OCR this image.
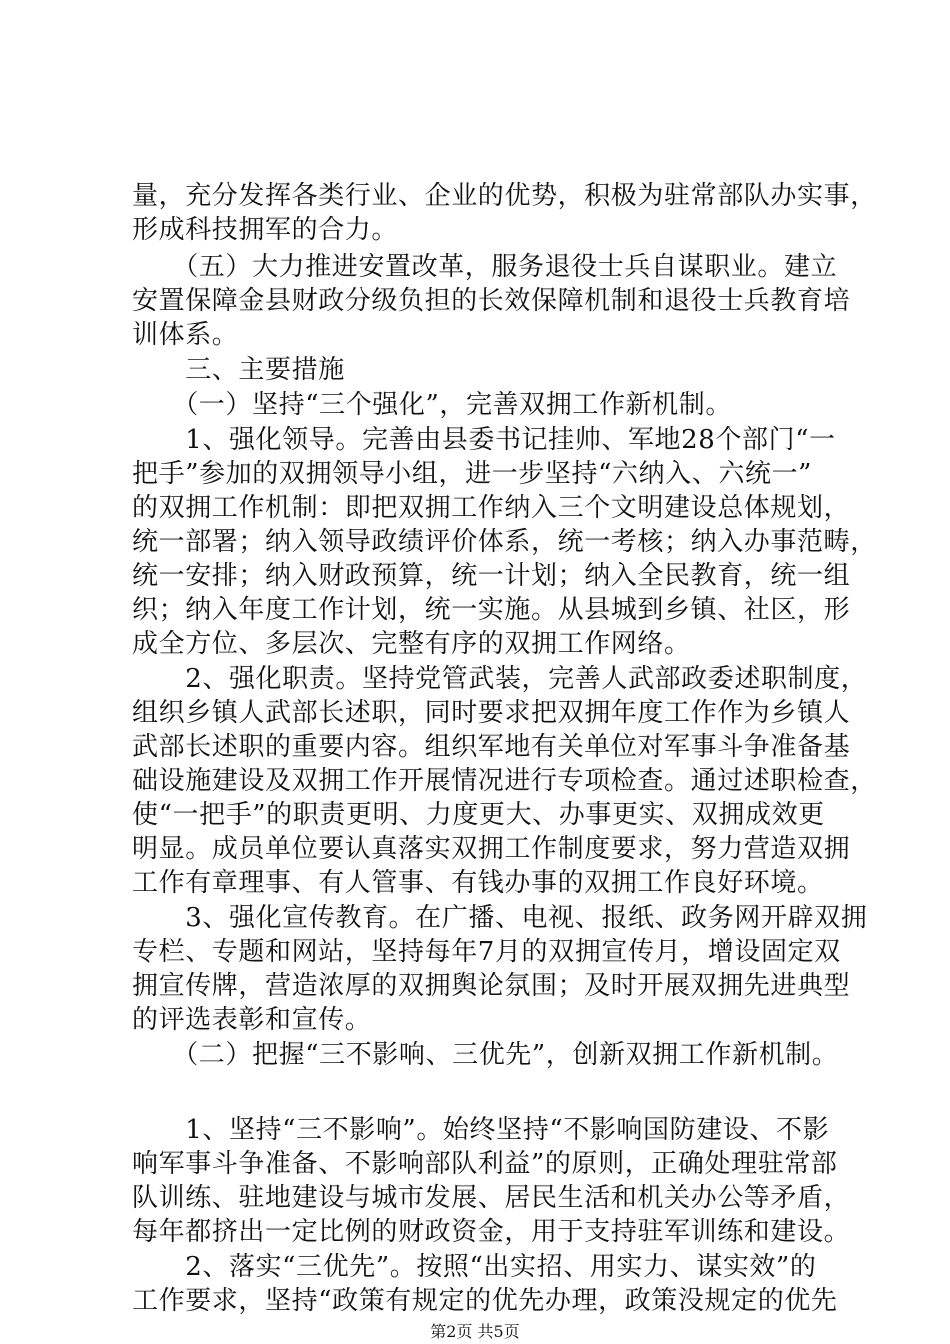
量，充分发挥各类行业、企业的优势，积极为驻常部队办实事，
形成科技拥军的合力。
　　（五）大力推进安置改革，服务退役士兵自谋职业。建立
安置保障金县财政分级负担的长效保障机制和退役士兵教育培
训体系。
　　三、主要措施
　　（一）坚持“三个强化”，完善双拥工作新机制。
　　1、强化领导。完善由县委书记挂帅、军地28个部门“一
把手”参加的双拥领导小组，进一步坚持“六纳入、六统一”
的双拥工作机制：即把双拥工作纳入三个文明建设总体规划，
统一部署；纳入领导政绩评价体系，统一考核；纳入办事范畴，
统一安排；纳入财政预算，统一计划；纳入全民教育，统一组
织；纳入年度工作计划，统一实施。从县城到乡镇、社区，形
成全方位、多层次、完整有序的双拥工作网络。
　　2、强化职责。坚持党管武装，完善人武部政委述职制度，
组织乡镇人武部长述职，同时要求把双拥年度工作作为乡镇人
武部长述职的重要内容。组织军地有关单位对军事斗争准备基
础设施建设及双拥工作开展情况进行专项检查。通过述职检查，
使“一把手”的职责更明、力度更大、办事更实、双拥成效更
明显。成员单位要认真落实双拥工作制度要求，努力营造双拥
工作有章理事、有人管事、有钱办事的双拥工作良好环境。
　　3、强化宣传教育。在广播、电视、报纸、政务网开辟双拥
专栏、专题和网站，坚持每年7月的双拥宣传月，增设固定双
拥宣传牌，营造浓厚的双拥舆论氛围；及时开展双拥先进典型
的评选表彰和宣传。
　　（二）把握“三不影响、三优先”，创新双拥工作新机制。
　　1、坚持“三不影响”。始终坚持“不影响国防建设、不影
响军事斗争准备、不影响部队利益”的原则，正确处理驻常部
队训练、驻地建设与城市发展、居民生活和机关办公等矛盾，
每年都挤出一定比例的财政资金，用于支持驻军训练和建设。
　　2、落实“三优先”。按照“出实招、用实力、谋实效”的
工作要求，坚持“政策有规定的优先办理，政策没规定的优先
第2页 共5页
